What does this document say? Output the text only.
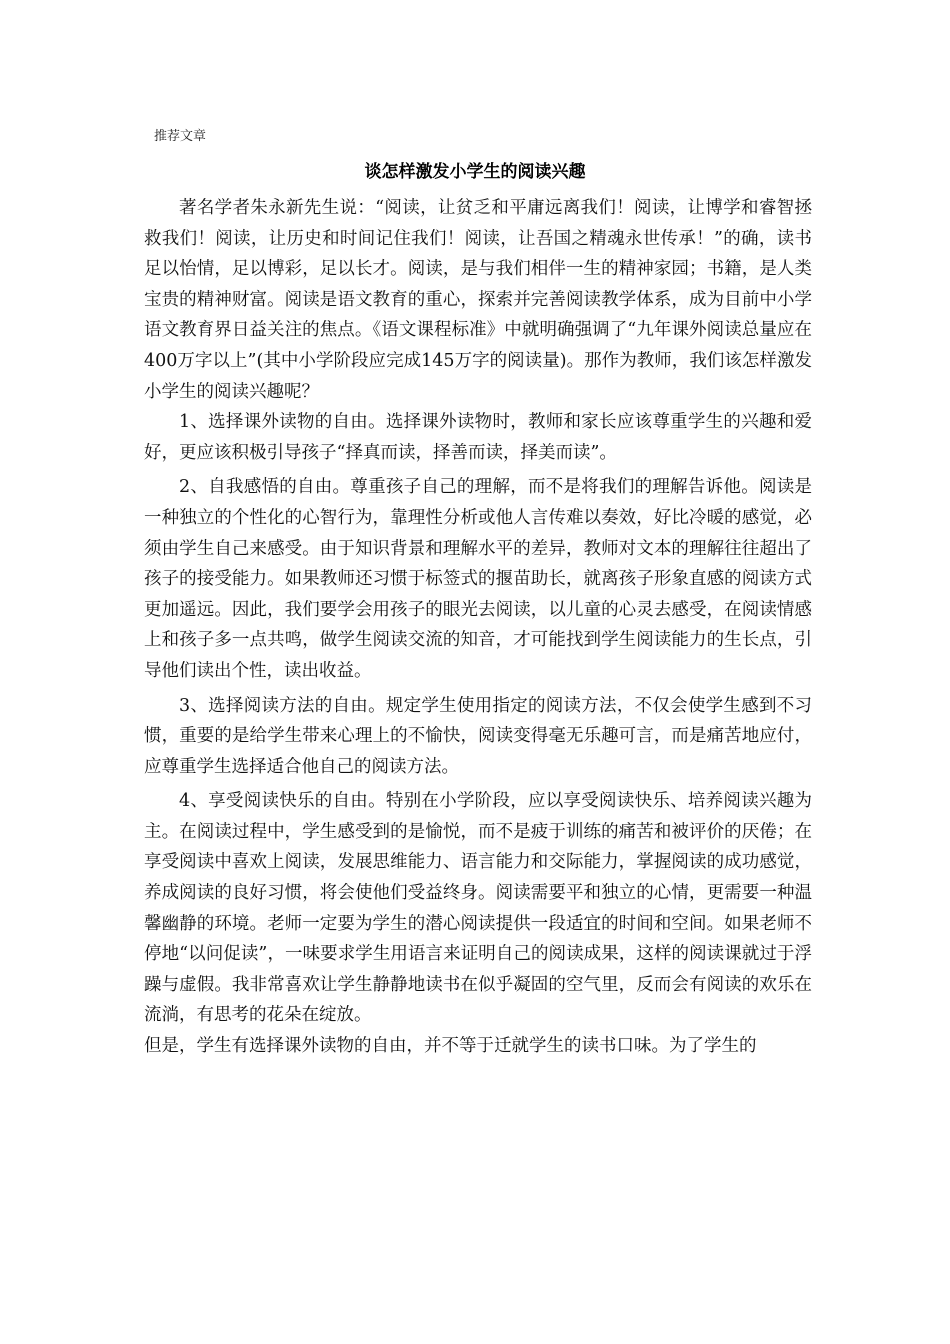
推荐文章
谈怎样激发小学生的阅读兴趣

著名学者朱永新先生说：“阅读，让贫乏和平庸远离我们！阅读，让博学和睿智拯救我们！阅读，让历史和时间记住我们！阅读，让吾国之精魂永世传承！”的确，读书足以怡情，足以博彩，足以长才。阅读，是与我们相伴一生的精神家园；书籍，是人类宝贵的精神财富。阅读是语文教育的重心，探索并完善阅读教学体系，成为目前中小学语文教育界日益关注的焦点。《语文课程标准》中就明确强调了“九年课外阅读总量应在400万字以上”(其中小学阶段应完成145万字的阅读量)。那作为教师，我们该怎样激发小学生的阅读兴趣呢？

1、选择课外读物的自由。选择课外读物时，教师和家长应该尊重学生的兴趣和爱好，更应该积极引导孩子“择真而读，择善而读，择美而读”。

2、自我感悟的自由。尊重孩子自己的理解，而不是将我们的理解告诉他。阅读是一种独立的个性化的心智行为，靠理性分析或他人言传难以奏效，好比冷暖的感觉，必须由学生自己来感受。由于知识背景和理解水平的差异，教师对文本的理解往往超出了孩子的接受能力。如果教师还习惯于标签式的揠苗助长，就离孩子形象直感的阅读方式更加遥远。因此，我们要学会用孩子的眼光去阅读，以儿童的心灵去感受，在阅读情感上和孩子多一点共鸣，做学生阅读交流的知音，才可能找到学生阅读能力的生长点，引导他们读出个性，读出收益。

3、选择阅读方法的自由。规定学生使用指定的阅读方法，不仅会使学生感到不习惯，重要的是给学生带来心理上的不愉快，阅读变得毫无乐趣可言，而是痛苦地应付，应尊重学生选择适合他自己的阅读方法。

4、享受阅读快乐的自由。特别在小学阶段，应以享受阅读快乐、培养阅读兴趣为主。在阅读过程中，学生感受到的是愉悦，而不是疲于训练的痛苦和被评价的厌倦；在享受阅读中喜欢上阅读，发展思维能力、语言能力和交际能力，掌握阅读的成功感觉，养成阅读的良好习惯，将会使他们受益终身。阅读需要平和独立的心情，更需要一种温馨幽静的环境。老师一定要为学生的潜心阅读提供一段适宜的时间和空间。如果老师不停地“以问促读”，一味要求学生用语言来证明自己的阅读成果，这样的阅读课就过于浮躁与虚假。我非常喜欢让学生静静地读书在似乎凝固的空气里，反而会有阅读的欢乐在流淌，有思考的花朵在绽放。

但是，学生有选择课外读物的自由，并不等于迁就学生的读书口味。为了学生的
